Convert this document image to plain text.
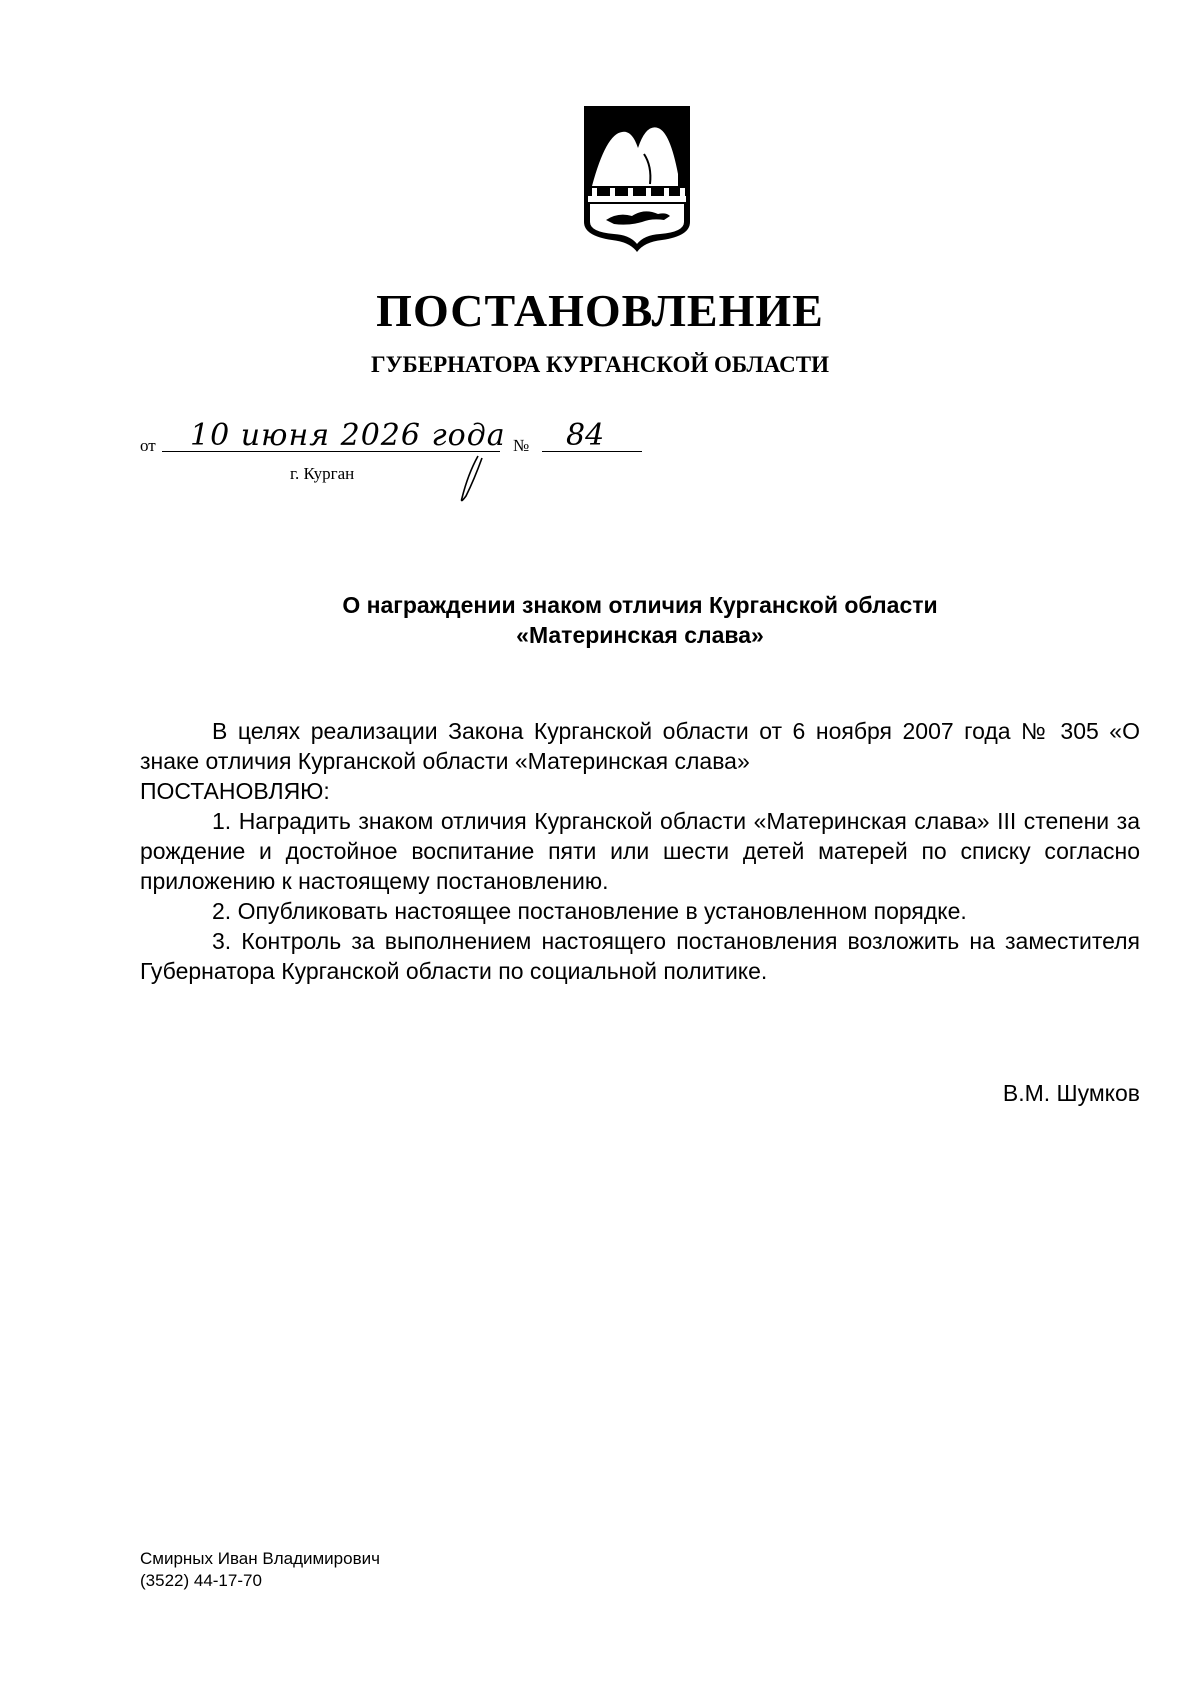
ПОСТАНОВЛЕНИЕ
ГУБЕРНАТОРА КУРГАНСКОЙ ОБЛАСТИ
от	10 июня 2026 года №	84
г. Курган
О награждении знаком отличия Курганской области
«Материнская слава»

В целях реализации Закона Курганской области от 6 ноября 2007 года № 305 «О знаке отличия Курганской области «Материнская слава»

ПОСТАНОВЛЯЮ:

1. Наградить знаком отличия Курганской области «Материнская слава» III степени за рождение и достойное воспитание пяти или шести детей матерей по списку согласно приложению к настоящему постановлению.

2. Опубликовать настоящее постановление в установленном порядке.

3. Контроль за выполнением настоящего постановления возложить на заместителя Губернатора Курганской области по социальной политике.

В.М. Шумков
Смирных Иван Владимирович
(3522) 44-17-70
